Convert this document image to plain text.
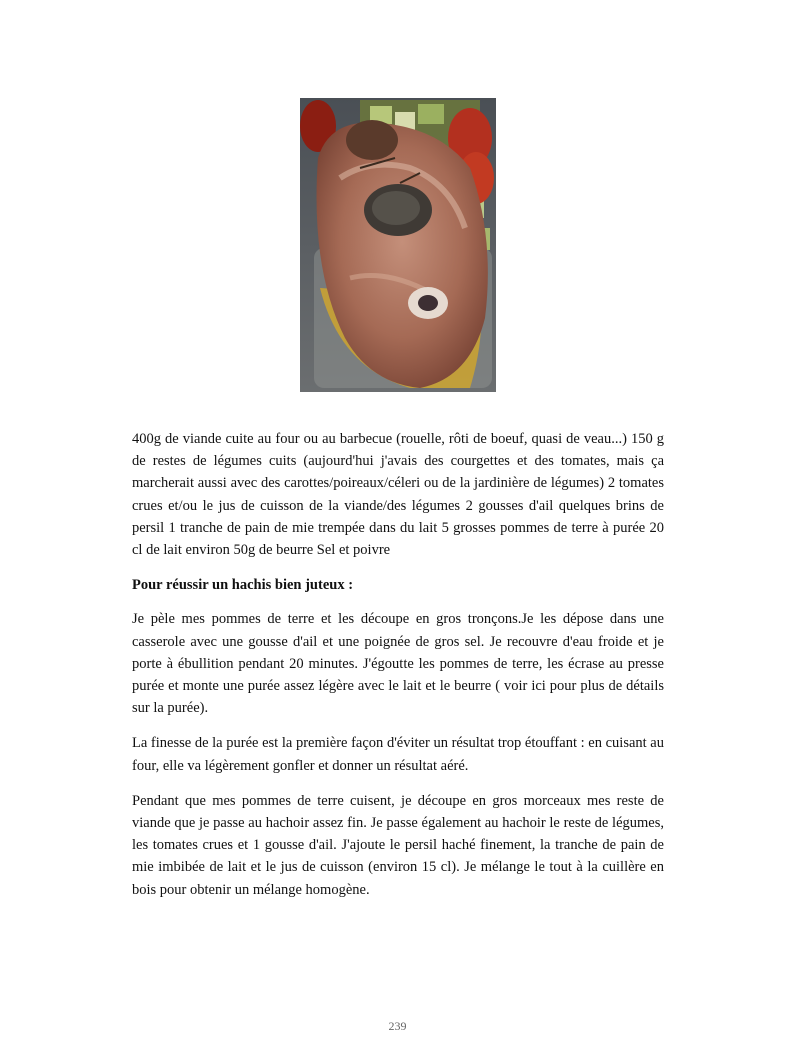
400g de viande cuite au four ou au barbecue (rouelle, rôti de boeuf, quasi de veau...) 150 g de restes de légumes cuits (aujourd'hui j'avais des courgettes et des tomates, mais ça marcherait aussi avec des carottes/poireaux/céleri ou de la jardinière de légumes) 2 tomates crues et/ou le jus de cuisson de la viande/des légumes 2 gousses d'ail quelques brins de persil 1 tranche de pain de mie trempée dans du lait 5 grosses pommes de terre à purée 20 cl de lait environ 50g de beurre Sel et poivre

Pour réussir un hachis bien juteux :

Je pèle mes pommes de terre et les découpe en gros tronçons.Je les dépose dans une casserole avec une gousse d'ail et une poignée de gros sel. Je recouvre d'eau froide et je porte à ébullition pendant 20 minutes. J'égoutte les pommes de terre, les écrase au presse purée et monte une purée assez légère avec le lait et le beurre ( voir ici pour plus de détails sur la purée).

La finesse de la purée est la première façon d'éviter un résultat trop étouffant : en cuisant au four, elle va légèrement gonfler et donner un résultat aéré.

Pendant que mes pommes de terre cuisent, je découpe en gros morceaux mes reste de viande que je passe au hachoir assez fin. Je passe également au hachoir le reste de légumes, les tomates crues et 1 gousse d'ail. J'ajoute le persil haché finement, la tranche de pain de mie imbibée de lait et le jus de cuisson (environ 15 cl). Je mélange le tout à la cuillère en bois pour obtenir un mélange homogène.

239
